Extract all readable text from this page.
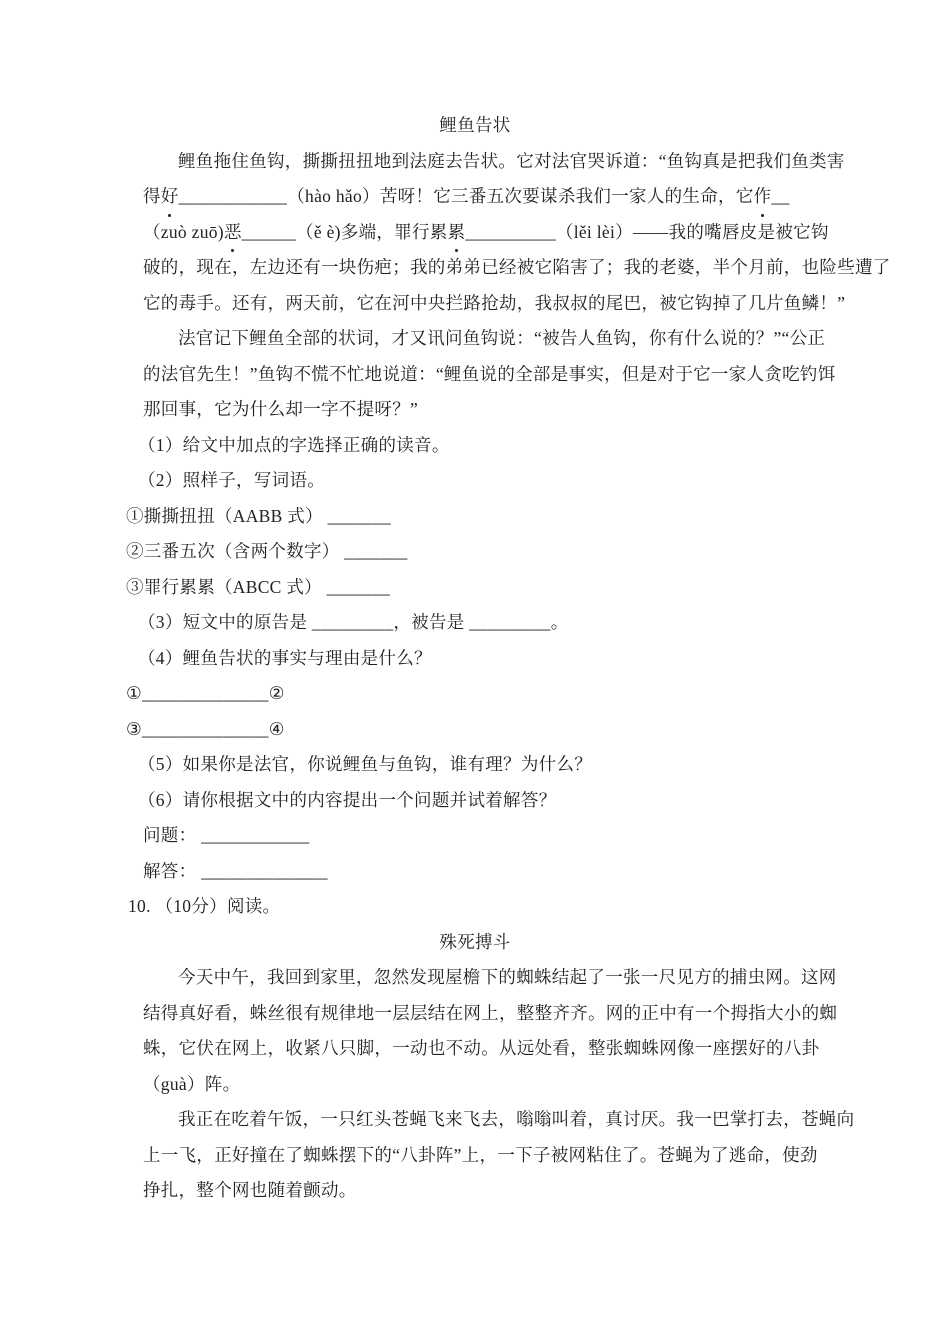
鲤鱼告状
鲤鱼拖住鱼钩，撕撕扭扭地到法庭去告状。它对法官哭诉道：“鱼钩真是把我们鱼类害
得好____________（hào hǎo）苦呀！它三番五次要谋杀我们一家人的生命，它作__
（zuò zuō)恶______（ě è)多端，罪行累累__________（lěi lèi）——我的嘴唇皮是被它钩
破的，现在，左边还有一块伤疤；我的弟弟已经被它陷害了；我的老婆，半个月前，也险些遭了
它的毒手。还有，两天前，它在河中央拦路抢劫，我叔叔的尾巴，被它钩掉了几片鱼鳞！”
法官记下鲤鱼全部的状词，才又讯问鱼钩说：“被告人鱼钩，你有什么说的？”“公正
的法官先生！”鱼钩不慌不忙地说道：“鲤鱼说的全部是事实，但是对于它一家人贪吃钓饵
那回事，它为什么却一字不提呀？”
（1）给文中加点的字选择正确的读音。
（2）照样子，写词语。
①撕撕扭扭（AABB 式） _______
②三番五次（含两个数字） _______
③罪行累累（ABCC 式） _______
（3）短文中的原告是 _________，被告是 _________。
（4）鲤鱼告状的事实与理由是什么？
①______________②
③______________④
（5）如果你是法官，你说鲤鱼与鱼钩，谁有理？为什么？
（6）请你根据文中的内容提出一个问题并试着解答？
问题： ____________
解答： ______________
10. （10分）阅读。
殊死搏斗
今天中午，我回到家里，忽然发现屋檐下的蜘蛛结起了一张一尺见方的捕虫网。这网
结得真好看，蛛丝很有规律地一层层结在网上，整整齐齐。网的正中有一个拇指大小的蜘
蛛，它伏在网上，收紧八只脚，一动也不动。从远处看，整张蜘蛛网像一座摆好的八卦
（guà）阵。
我正在吃着午饭，一只红头苍蝇飞来飞去，嗡嗡叫着，真讨厌。我一巴掌打去，苍蝇向
上一飞，正好撞在了蜘蛛摆下的“八卦阵”上，一下子被网粘住了。苍蝇为了逃命，使劲
挣扎，整个网也随着颤动。
